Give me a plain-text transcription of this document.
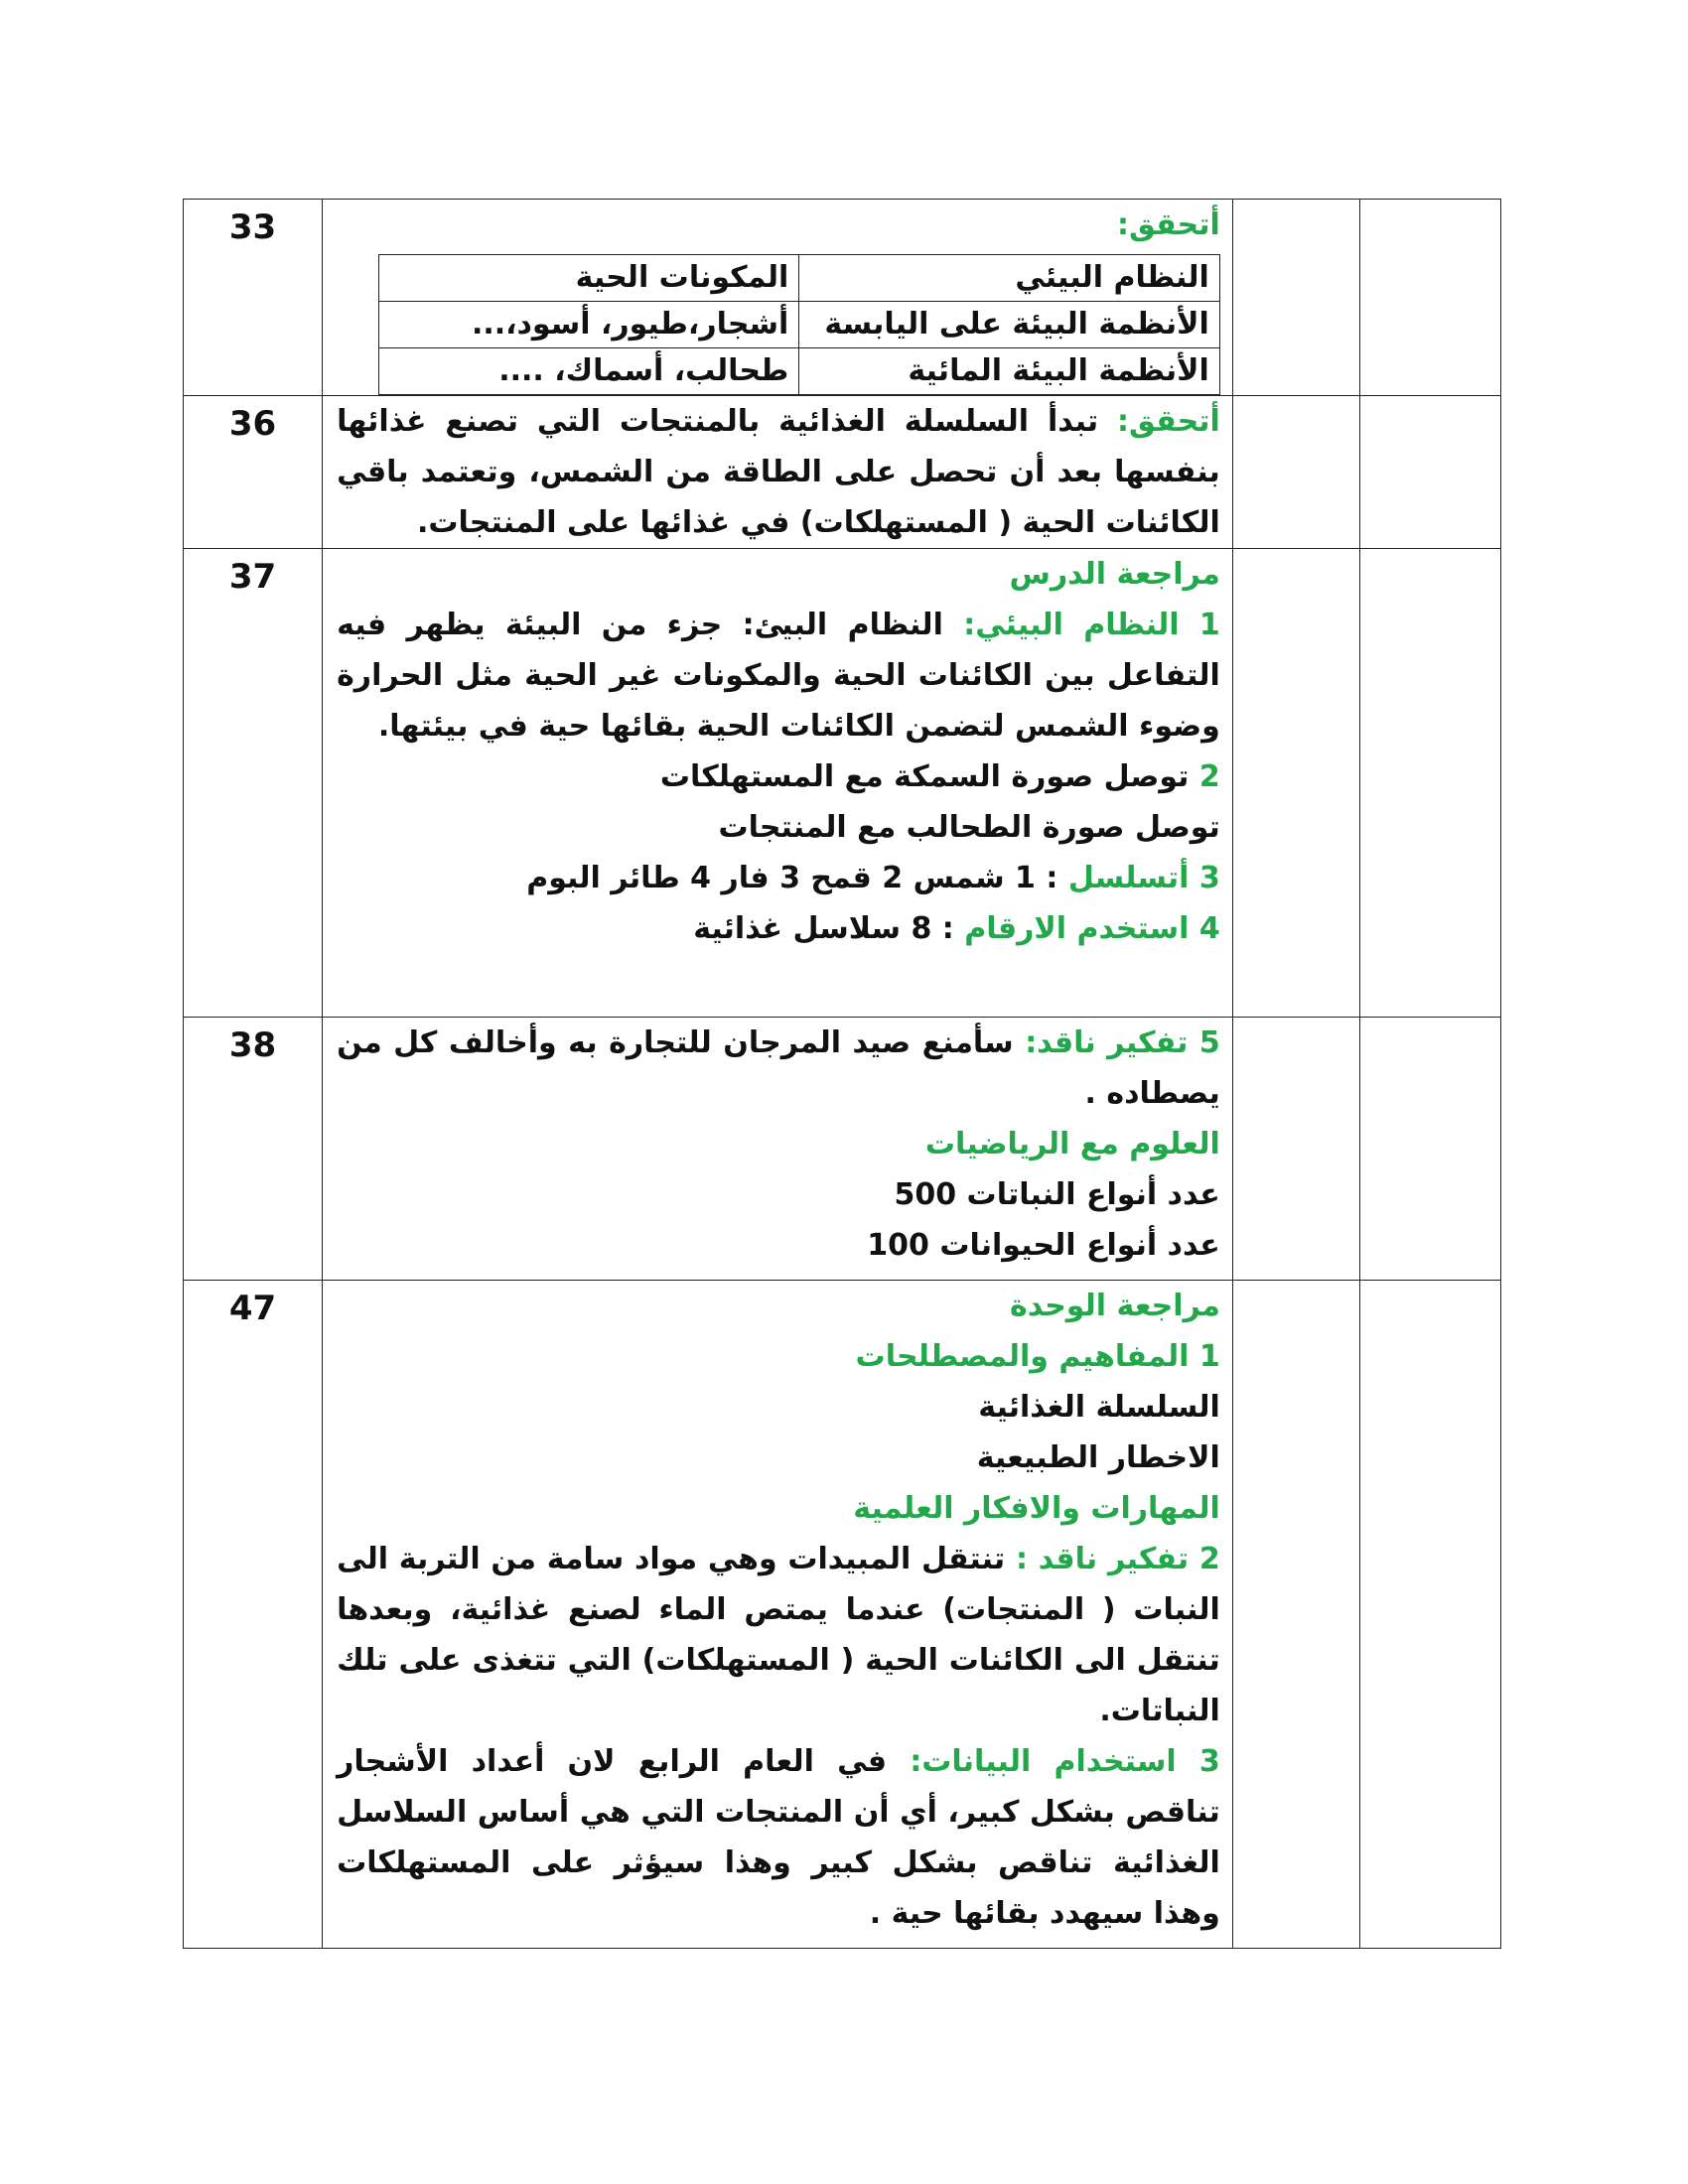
33	أتحقق:
النظام البيئي	المكونات الحية
الأنظمة البيئة على اليابسة	أشجار،طيور، أسود،...
الأنظمة البيئة المائية	طحالب، أسماك، ....

36	أتحقق: تبدأ السلسلة الغذائية بالمنتجات التي تصنع غذائها بنفسها بعد أن تحصل على الطاقة من الشمس، وتعتمد باقي الكائنات الحية ( المستهلكات) في غذائها على المنتجات.

37	مراجعة الدرس
1 النظام البيئي: النظام البيئ: جزء من البيئة يظهر فيه التفاعل بين الكائنات الحية والمكونات غير الحية مثل الحرارة وضوء الشمس لتضمن الكائنات الحية بقائها حية في بيئتها.
2 توصل صورة السمكة مع المستهلكات
توصل صورة الطحالب مع المنتجات
3 أتسلسل : 1 شمس 2 قمح 3 فار 4 طائر البوم
4 استخدم الارقام : 8 سلاسل غذائية

38	5 تفكير ناقد: سأمنع صيد المرجان للتجارة به وأخالف كل من يصطاده .
العلوم مع الرياضيات
عدد أنواع النباتات 500
عدد أنواع الحيوانات 100

47	مراجعة الوحدة
1 المفاهيم والمصطلحات
السلسلة الغذائية
الاخطار الطبيعية
المهارات والافكار العلمية
2 تفكير ناقد : تنتقل المبيدات وهي مواد سامة من التربة الى النبات ( المنتجات) عندما يمتص الماء لصنع غذائية، وبعدها تنتقل الى الكائنات الحية ( المستهلكات) التي تتغذى على تلك النباتات.
3 استخدام البيانات: في العام الرابع لان أعداد الأشجار تناقص بشكل كبير، أي أن المنتجات التي هي أساس السلاسل الغذائية تناقص بشكل كبير وهذا سيؤثر على المستهلكات وهذا سيهدد بقائها حية .
